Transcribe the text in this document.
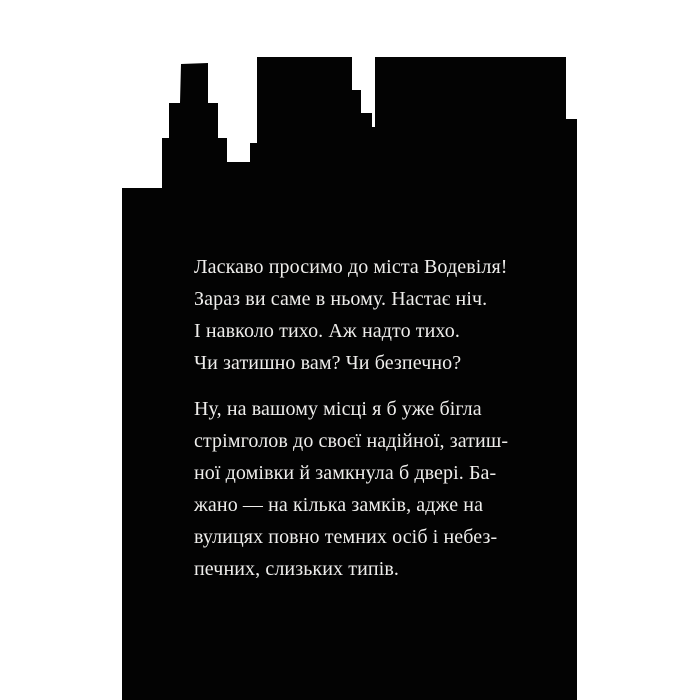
Ласкаво просимо до міста Водевіля!
Зараз ви саме в ньому. Настає ніч.
І навколо тихо. Аж надто тихо.
Чи затишно вам? Чи безпечно?
Ну, на вашому місці я б уже бігла
стрімголов до своєї надійної, затиш-
ної домівки й замкнула б двері. Ба-
жано — на кілька замків, адже на
вулицях повно темних осіб і небез-
печних, слизьких типів.
